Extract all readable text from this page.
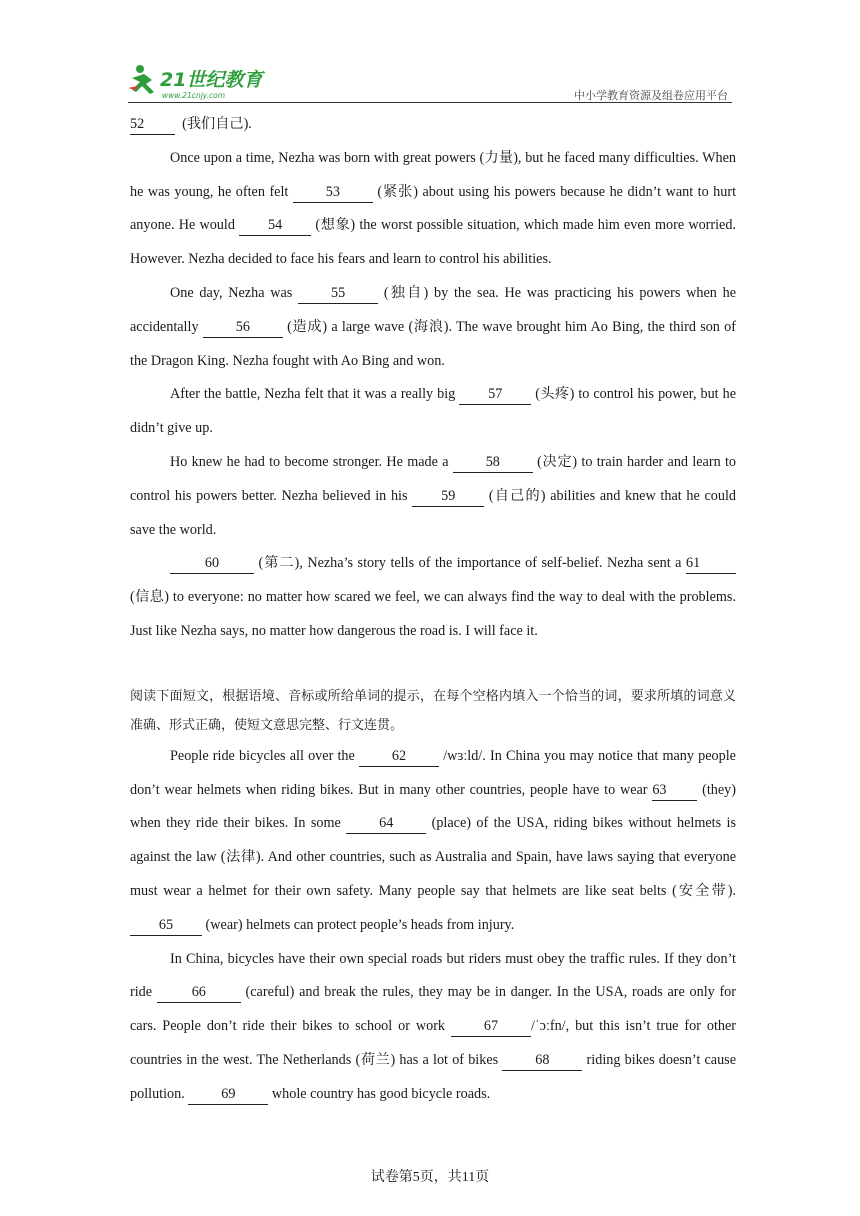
21世纪教育
www.21cnjy.com	中小学教育资源及组卷应用平台

52	(我们自己).

Once upon a time, Nezha was born with great powers (力量), but he faced many difficulties. When he was young, he often felt 53 (紧张) about using his powers because he didn’t want to hurt anyone. He would 54 (想象) the worst possible situation, which made him even more worried. However. Nezha decided to face his fears and learn to control his abilities.

One day, Nezha was 55 (独自) by the sea. He was practicing his powers when he accidentally 56 (造成) a large wave (海浪). The wave brought him Ao Bing, the third son of the Dragon King. Nezha fought with Ao Bing and won.

After the battle, Nezha felt that it was a really big 57 (头疼) to control his power, but he didn’t give up.

Ho knew he had to become stronger. He made a 58 (决定) to train harder and learn to control his powers better. Nezha believed in his 59 (自己的) abilities and knew that he could save the world.

60 (第二), Nezha’s story tells of the importance of self-belief. Nezha sent a 61 (信息) to everyone: no matter how scared we feel, we can always find the way to deal with the problems. Just like Nezha says, no matter how dangerous the road is. I will face it.

阅读下面短文，根据语境、音标或所给单词的提示，在每个空格内填入一个恰当的词，要求所填的词意义准确、形式正确，使短文意思完整、行文连贯。

People ride bicycles all over the 62 /wɜːld/. In China you may notice that many people don’t wear helmets when riding bikes. But in many other countries, people have to wear 63 (they) when they ride their bikes. In some 64 (place) of the USA, riding bikes without helmets is against the law (法律). And other countries, such as Australia and Spain, have laws saying that everyone must wear a helmet for their own safety. Many people say that helmets are like seat belts (安全带). 65 (wear) helmets can protect people’s heads from injury.

In China, bicycles have their own special roads but riders must obey the traffic rules. If they don’t ride 66 (careful) and break the rules, they may be in danger. In the USA, roads are only for cars. People don’t ride their bikes to school or work 67 /ˈɔːfn/, but this isn’t true for other countries in the west. The Netherlands (荷兰) has a lot of bikes 68 riding bikes doesn’t cause pollution. 69 whole country has good bicycle roads.

试卷第5页，共11页
